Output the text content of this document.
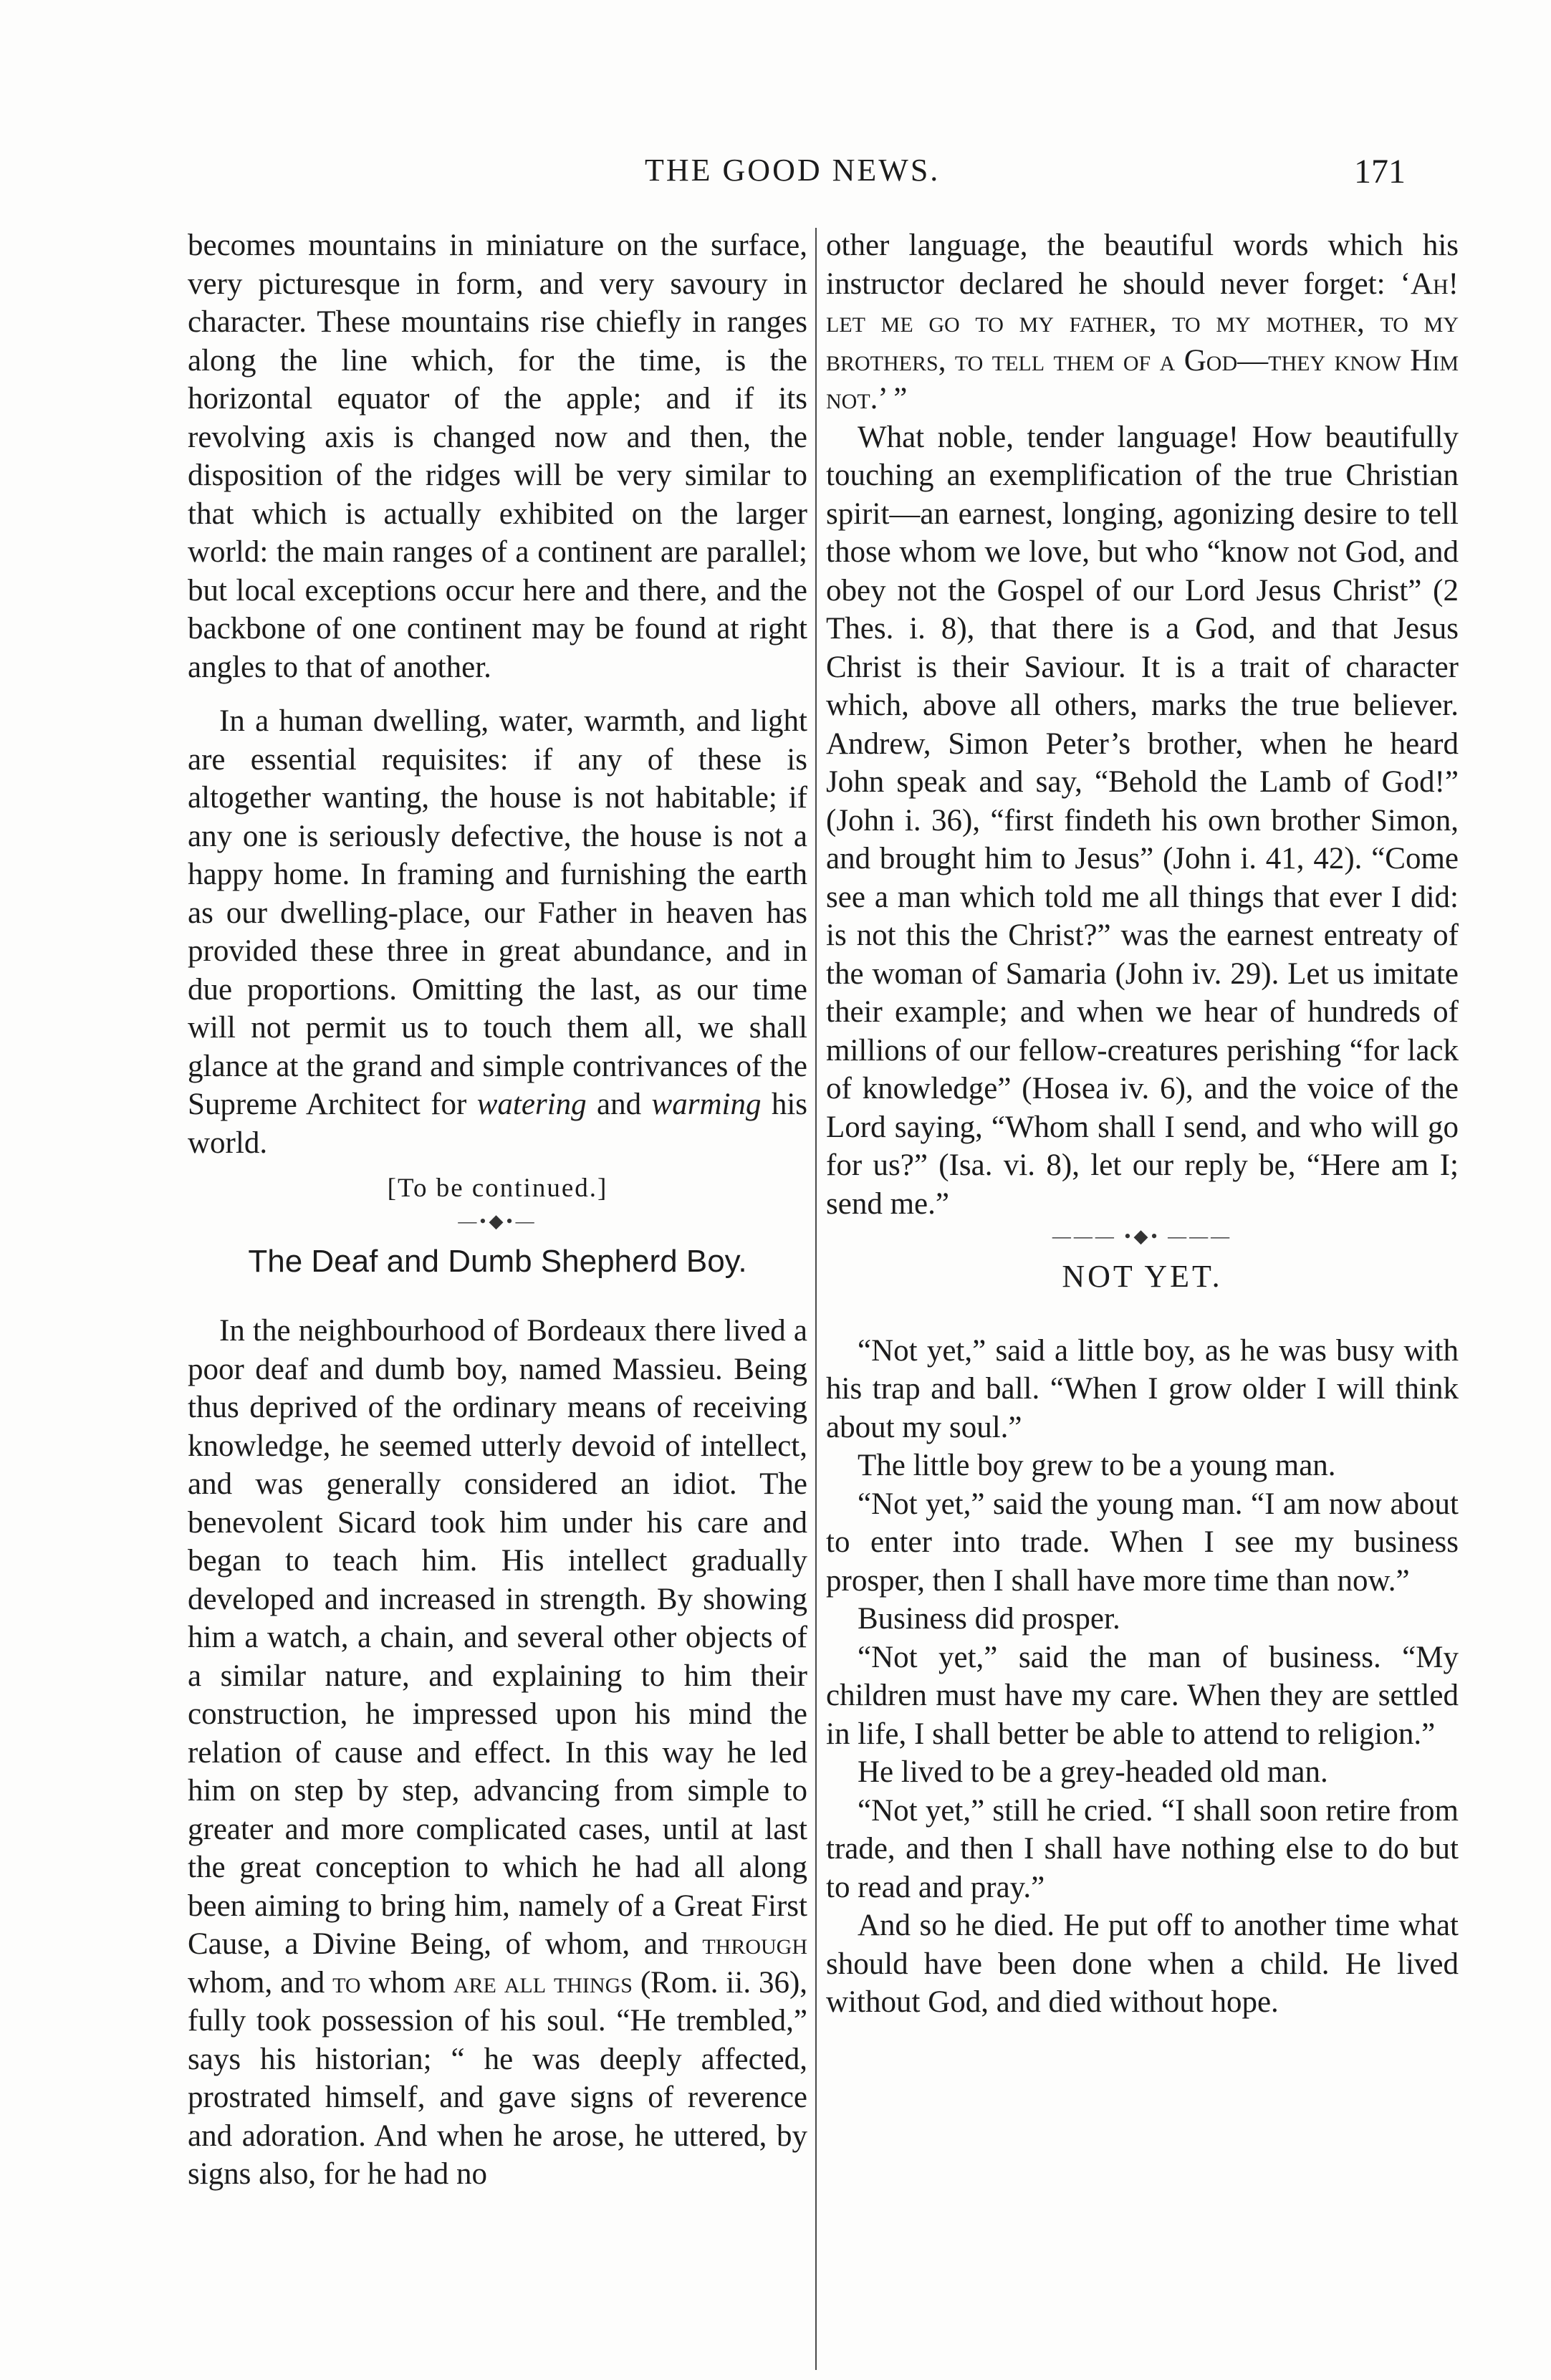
THE GOOD NEWS.	171

becomes mountains in miniature on the surface, very picturesque in form, and very savoury in character. These mountains rise chiefly in ranges along the line which, for the time, is the horizontal equator of the apple; and if its revolving axis is changed now and then, the disposition of the ridges will be very similar to that which is actually exhibited on the larger world: the main ranges of a continent are parallel; but local exceptions occur here and there, and the backbone of one continent may be found at right angles to that of another.

In a human dwelling, water, warmth, and light are essential requisites: if any of these is altogether wanting, the house is not habitable; if any one is seriously defective, the house is not a happy home. In framing and furnishing the earth as our dwelling-place, our Father in heaven has provided these three in great abundance, and in due proportions. Omitting the last, as our time will not permit us to touch them all, we shall glance at the grand and simple contrivances of the Supreme Architect for watering and warming his world.

[To be continued.]

—•◆•—

The Deaf and Dumb Shepherd Boy.

In the neighbourhood of Bordeaux there lived a poor deaf and dumb boy, named Massieu. Being thus deprived of the ordinary means of receiving knowledge, he seemed utterly devoid of intellect, and was generally considered an idiot. The benevolent Sicard took him under his care and began to teach him. His intellect gradually developed and increased in strength. By showing him a watch, a chain, and several other objects of a similar nature, and explaining to him their construction, he impressed upon his mind the relation of cause and effect. In this way he led him on step by step, advancing from simple to greater and more complicated cases, until at last the great conception to which he had all along been aiming to bring him, namely of a Great First Cause, a Divine Being, of whom, and through whom, and to whom are all things (Rom. ii. 36), fully took possession of his soul. “He trembled,” says his historian; “ he was deeply affected, prostrated himself, and gave signs of reverence and adoration. And when he arose, he uttered, by signs also, for he had no

other language, the beautiful words which his instructor declared he should never forget: ‘Ah! let me go to my father, to my mother, to my brothers, to tell them of a God—they know Him not.’ ”

What noble, tender language! How beautifully touching an exemplification of the true Christian spirit—an earnest, longing, agonizing desire to tell those whom we love, but who “know not God, and obey not the Gospel of our Lord Jesus Christ” (2 Thes. i. 8), that there is a God, and that Jesus Christ is their Saviour. It is a trait of character which, above all others, marks the true believer. Andrew, Simon Peter’s brother, when he heard John speak and say, “Behold the Lamb of God!” (John i. 36), “first findeth his own brother Simon, and brought him to Jesus” (John i. 41, 42). “Come see a man which told me all things that ever I did: is not this the Christ?” was the earnest entreaty of the woman of Samaria (John iv. 29). Let us imitate their example; and when we hear of hundreds of millions of our fellow-creatures perishing “for lack of knowledge” (Hosea iv. 6), and the voice of the Lord saying, “Whom shall I send, and who will go for us?” (Isa. vi. 8), let our reply be, “Here am I; send me.”

——— •◆• ———

NOT YET.

“Not yet,” said a little boy, as he was busy with his trap and ball. “When I grow older I will think about my soul.”

The little boy grew to be a young man.

“Not yet,” said the young man. “I am now about to enter into trade. When I see my business prosper, then I shall have more time than now.”

Business did prosper.

“Not yet,” said the man of business. “My children must have my care. When they are settled in life, I shall better be able to attend to religion.”

He lived to be a grey-headed old man.

“Not yet,” still he cried. “I shall soon retire from trade, and then I shall have nothing else to do but to read and pray.”

And so he died. He put off to another time what should have been done when a child. He lived without God, and died without hope.
